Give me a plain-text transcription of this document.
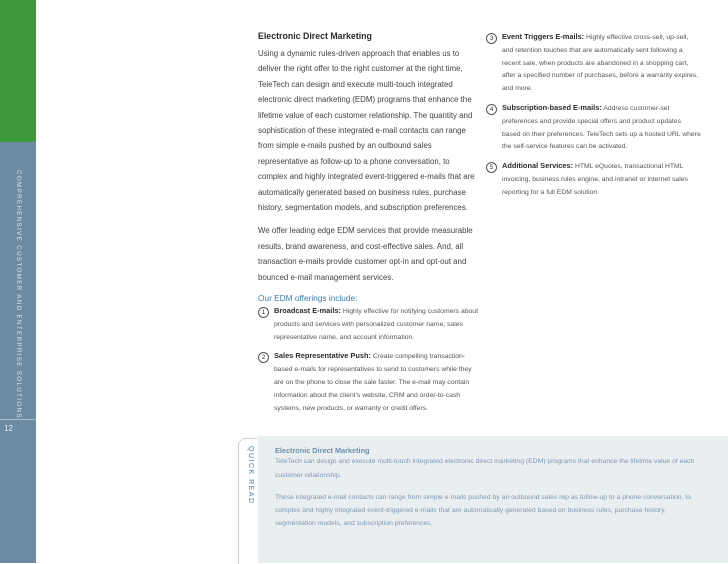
COMPREHENSIVE CUSTOMER AND ENTERPRISE SOLUTIONS
12
Electronic Direct Marketing

Using a dynamic rules-driven approach that enables us to deliver the right offer to the right customer at the right time, TeleTech can design and execute multi-touch integrated electronic direct marketing (EDM) programs that enhance the lifetime value of each customer relationship. The quantity and sophistication of these integrated e-mail contacts can range from simple e-mails pushed by an outbound sales representative as follow-up to a phone conversation, to complex and highly integrated event-triggered e-mails that are automatically generated based on business rules, purchase history, segmentation models, and subscription preferences.

We offer leading edge EDM services that provide measurable results, brand awareness, and cost-effective sales. And, all transaction e-mails provide customer opt-in and opt-out and bounced e-mail management services.

Our EDM offerings include:
1	Broadcast E-mails: Highly effective for notifying customers about products and services with personalized customer name, sales representative name, and account information.
2	Sales Representative Push: Create compelling transaction-based e-mails for representatives to send to customers while they are on the phone to close the sale faster. The e-mail may contain information about the client's website, CRM and order-to-cash systems, new products, or warranty or credit offers.
3	Event Triggers E-mails: Highly effective cross-sell, up-sell, and retention touches that are automatically sent following a recent sale, when products are abandoned in a shopping cart, after a specified number of purchases, before a warranty expires, and more.
4	Subscription-based E-mails: Address customer-set preferences and provide special offers and product updates based on their preferences. TeleTech sets up a hosted URL where the self-service features can be activated.
5	Additional Services: HTML eQuotes, transactional HTML invoicing, business rules engine, and intranet or internet sales reporting for a full EDM solution.
QUICK READ	Electronic Direct Marketing
TeleTech can design and execute multi-touch integrated electronic direct marketing (EDM) programs that enhance the lifetime value of each customer relationship.
These integrated e-mail contacts can range from simple e-mails pushed by an outbound sales rep as follow-up to a phone conversation, to complex and highly integrated event-triggered e-mails that are automatically generated based on business rules, purchase history, segmentation models, and subscription preferences.
